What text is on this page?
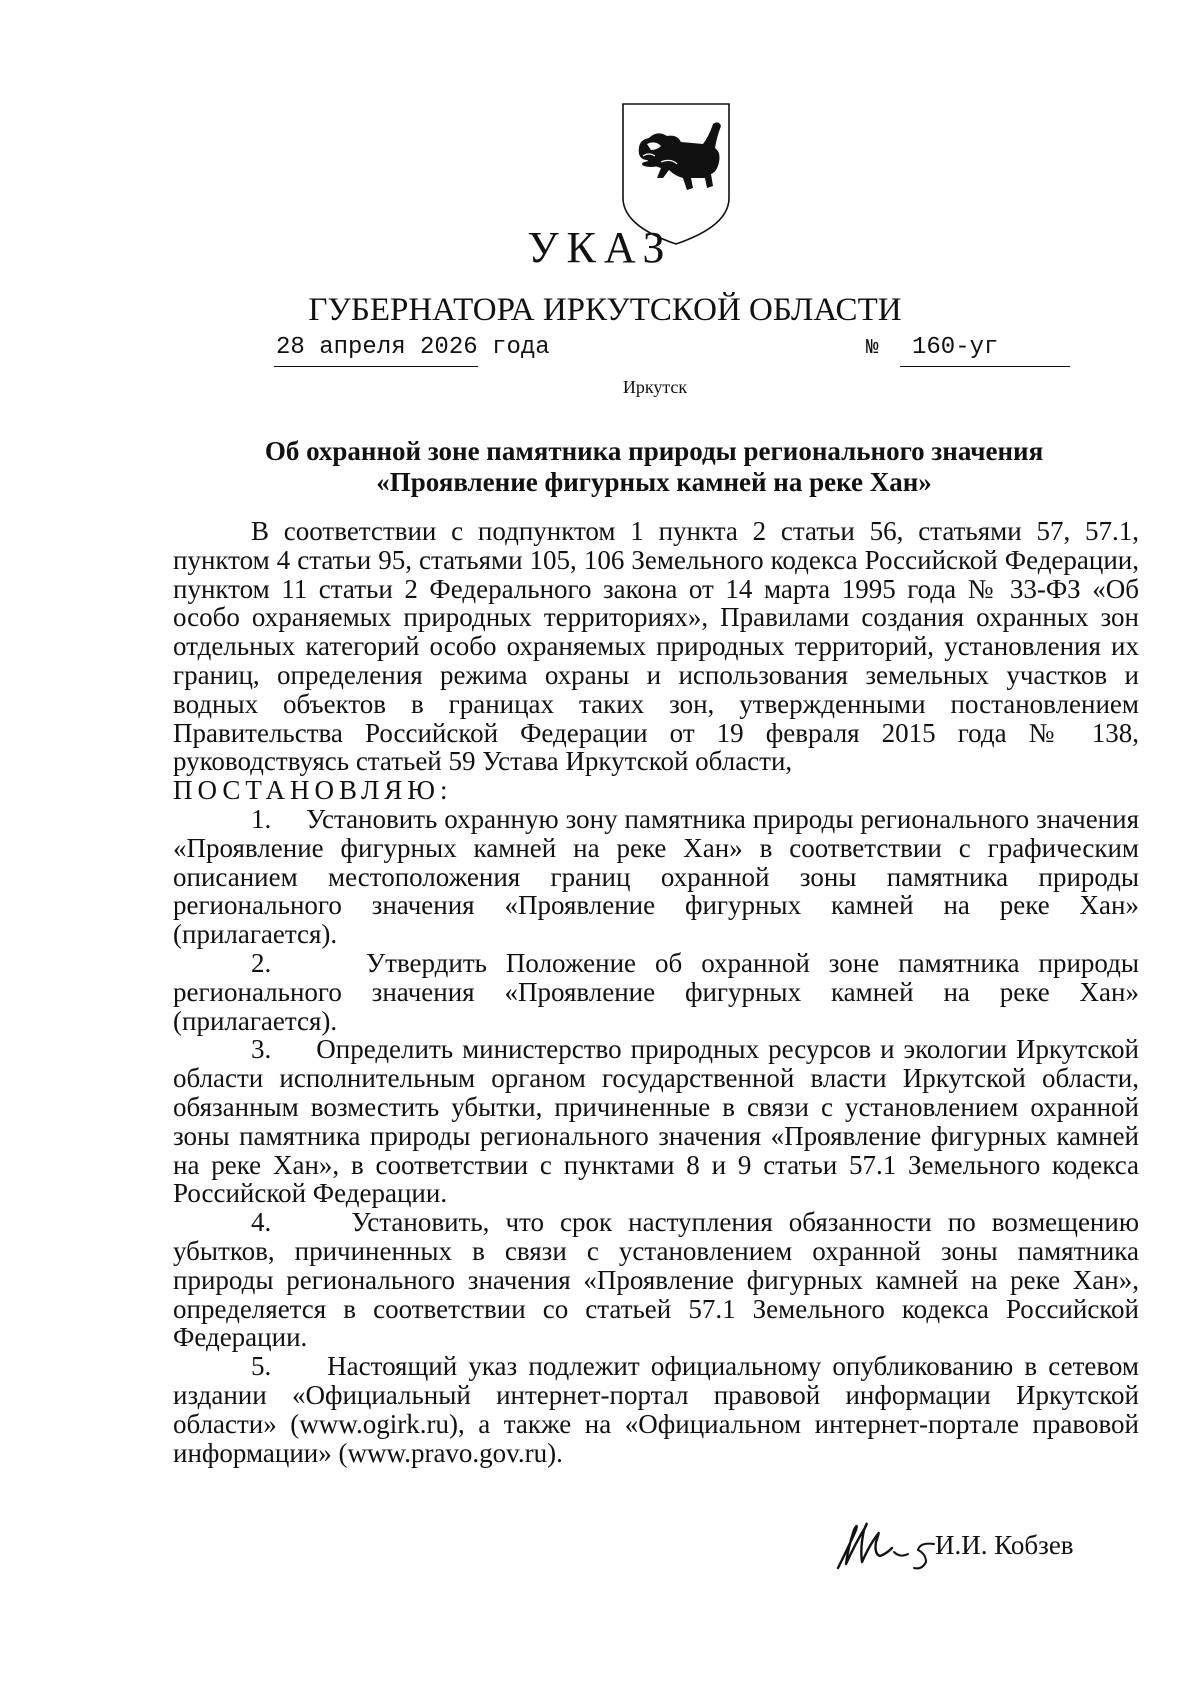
УКАЗ
ГУБЕРНАТОРА ИРКУТСКОЙ ОБЛАСТИ
28 апреля 2026 года	№ 160-уг
Иркутск
Об охранной зоне памятника природы регионального значения
«Проявление фигурных камней на реке Хан»

В соответствии с подпунктом 1 пункта 2 статьи 56, статьями 57, 57.1, пунктом 4 статьи 95, статьями 105, 106 Земельного кодекса Российской Федерации, пунктом 11 статьи 2 Федерального закона от 14 марта 1995 года № 33-ФЗ «Об особо охраняемых природных территориях», Правилами создания охранных зон отдельных категорий особо охраняемых природных территорий, установления их границ, определения режима охраны и использования земельных участков и водных объектов в границах таких зон, утвержденными постановлением Правительства Российской Федерации от 19 февраля 2015 года № 138, руководствуясь статьей 59 Устава Иркутской области,

ПОСТАНОВЛЯЮ:

1.     Установить охранную зону памятника природы регионального значения «Проявление фигурных камней на реке Хан» в соответствии с графическим описанием местоположения границ охранной зоны памятника природы регионального значения «Проявление фигурных камней на реке Хан» (прилагается).

2.     Утвердить Положение об охранной зоне памятника природы регионального значения «Проявление фигурных камней на реке Хан» (прилагается).

3.     Определить министерство природных ресурсов и экологии Иркутской области исполнительным органом государственной власти Иркутской области, обязанным возместить убытки, причиненные в связи с установлением охранной зоны памятника природы регионального значения «Проявление фигурных камней на реке Хан», в соответствии с пунктами 8 и 9 статьи 57.1 Земельного кодекса Российской Федерации.

4.     Установить, что срок наступления обязанности по возмещению убытков, причиненных в связи с установлением охранной зоны памятника природы регионального значения «Проявление фигурных камней на реке Хан», определяется в соответствии со статьей 57.1 Земельного кодекса Российской Федерации.

5.     Настоящий указ подлежит официальному опубликованию в сетевом издании «Официальный интернет-портал правовой информации Иркутской области» (www.ogirk.ru), а также на «Официальном интернет-портале правовой информации» (www.pravo.gov.ru).

И.И. Кобзев
